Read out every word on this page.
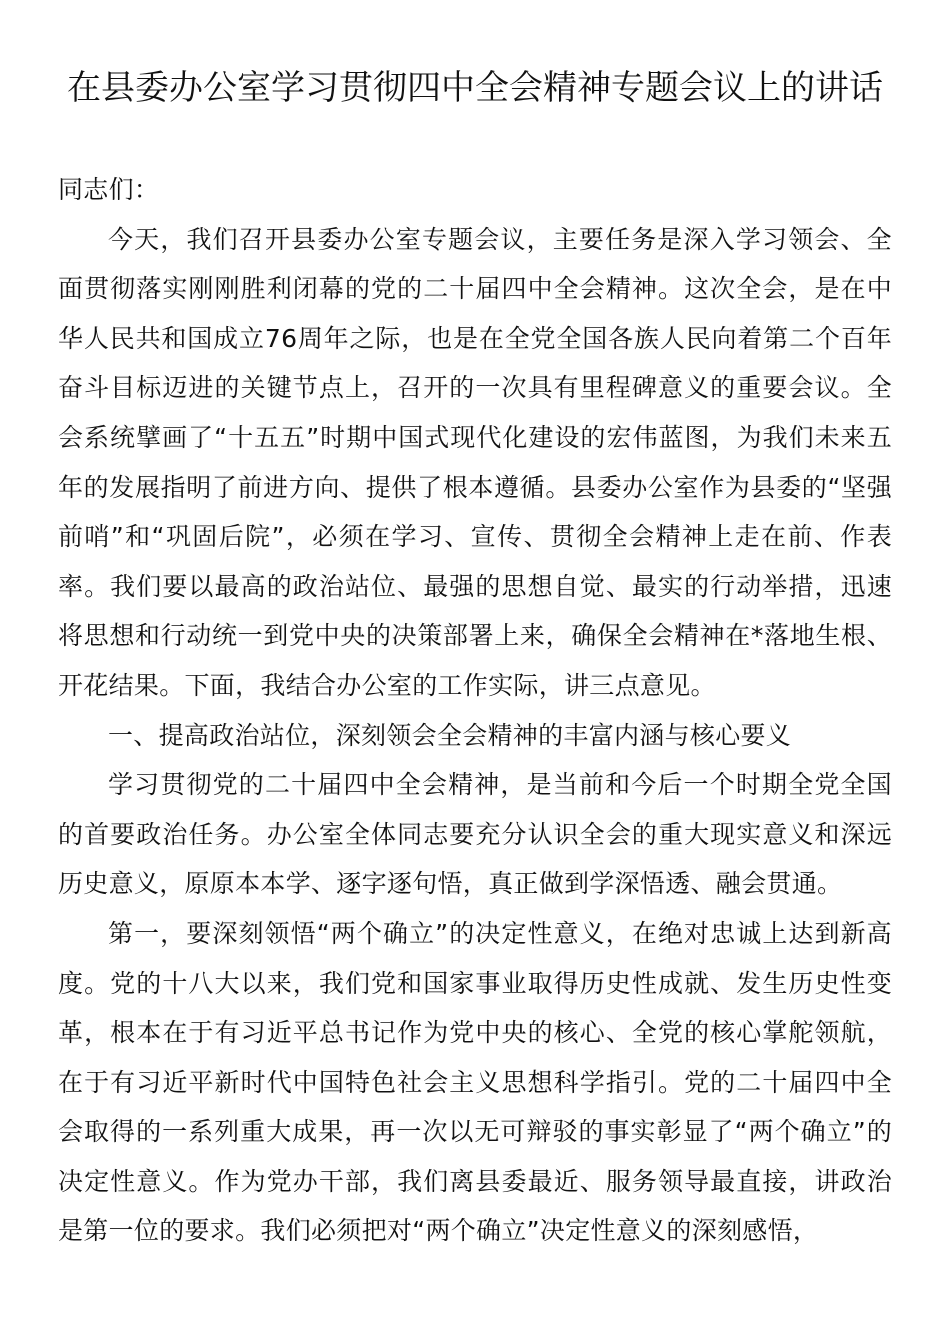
在县委办公室学习贯彻四中全会精神专题会议上的讲话

同志们：

今天，我们召开县委办公室专题会议，主要任务是深入学习领会、全面贯彻落实刚刚胜利闭幕的党的二十届四中全会精神。这次全会，是在中华人民共和国成立76周年之际，也是在全党全国各族人民向着第二个百年奋斗目标迈进的关键节点上，召开的一次具有里程碑意义的重要会议。全会系统擘画了“十五五”时期中国式现代化建设的宏伟蓝图，为我们未来五年的发展指明了前进方向、提供了根本遵循。县委办公室作为县委的“坚强前哨”和“巩固后院”，必须在学习、宣传、贯彻全会精神上走在前、作表率。我们要以最高的政治站位、最强的思想自觉、最实的行动举措，迅速将思想和行动统一到党中央的决策部署上来，确保全会精神在*落地生根、开花结果。下面，我结合办公室的工作实际，讲三点意见。

一、提高政治站位，深刻领会全会精神的丰富内涵与核心要义

学习贯彻党的二十届四中全会精神，是当前和今后一个时期全党全国的首要政治任务。办公室全体同志要充分认识全会的重大现实意义和深远历史意义，原原本本学、逐字逐句悟，真正做到学深悟透、融会贯通。

第一，要深刻领悟“两个确立”的决定性意义，在绝对忠诚上达到新高度。党的十八大以来，我们党和国家事业取得历史性成就、发生历史性变革，根本在于有习近平总书记作为党中央的核心、全党的核心掌舵领航，在于有习近平新时代中国特色社会主义思想科学指引。党的二十届四中全会取得的一系列重大成果，再一次以无可辩驳的事实彰显了“两个确立”的决定性意义。作为党办干部，我们离县委最近、服务领导最直接，讲政治是第一位的要求。我们必须把对“两个确立”决定性意义的深刻感悟，
